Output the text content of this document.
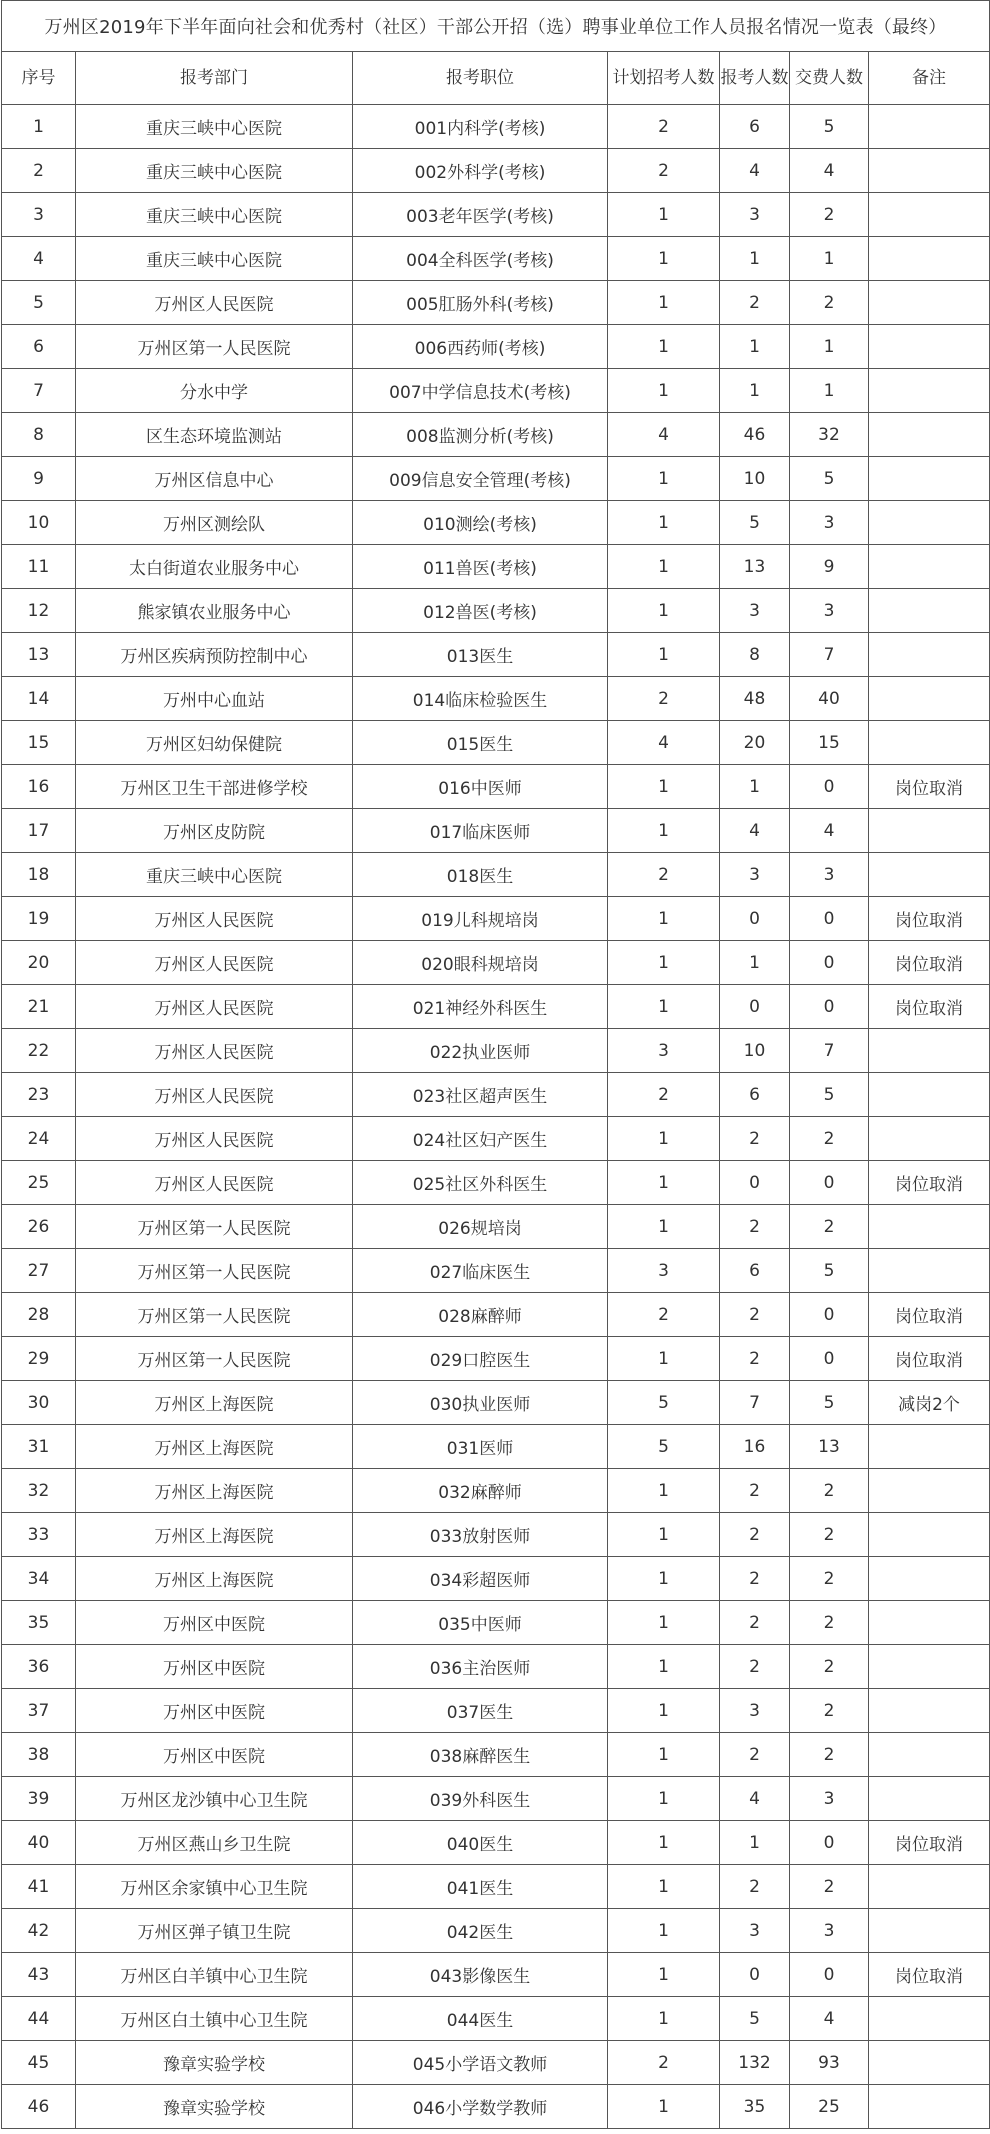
万州区2019年下半年面向社会和优秀村（社区）干部公开招（选）聘事业单位工作人员报名情况一览表（最终）						
序号	报考部门	报考职位	计划招考人数	报考人数	交费人数	备注
1	重庆三峡中心医院	001内科学(考核)	2	6	5	
2	重庆三峡中心医院	002外科学(考核)	2	4	4	
3	重庆三峡中心医院	003老年医学(考核)	1	3	2	
4	重庆三峡中心医院	004全科医学(考核)	1	1	1	
5	万州区人民医院	005肛肠外科(考核)	1	2	2	
6	万州区第一人民医院	006西药师(考核)	1	1	1	
7	分水中学	007中学信息技术(考核)	1	1	1	
8	区生态环境监测站	008监测分析(考核)	4	46	32	
9	万州区信息中心	009信息安全管理(考核)	1	10	5	
10	万州区测绘队	010测绘(考核)	1	5	3	
11	太白街道农业服务中心	011兽医(考核)	1	13	9	
12	熊家镇农业服务中心	012兽医(考核)	1	3	3	
13	万州区疾病预防控制中心	013医生	1	8	7	
14	万州中心血站	014临床检验医生	2	48	40	
15	万州区妇幼保健院	015医生	4	20	15	
16	万州区卫生干部进修学校	016中医师	1	1	0	岗位取消
17	万州区皮防院	017临床医师	1	4	4	
18	重庆三峡中心医院	018医生	2	3	3	
19	万州区人民医院	019儿科规培岗	1	0	0	岗位取消
20	万州区人民医院	020眼科规培岗	1	1	0	岗位取消
21	万州区人民医院	021神经外科医生	1	0	0	岗位取消
22	万州区人民医院	022执业医师	3	10	7	
23	万州区人民医院	023社区超声医生	2	6	5	
24	万州区人民医院	024社区妇产医生	1	2	2	
25	万州区人民医院	025社区外科医生	1	0	0	岗位取消
26	万州区第一人民医院	026规培岗	1	2	2	
27	万州区第一人民医院	027临床医生	3	6	5	
28	万州区第一人民医院	028麻醉师	2	2	0	岗位取消
29	万州区第一人民医院	029口腔医生	1	2	0	岗位取消
30	万州区上海医院	030执业医师	5	7	5	减岗2个
31	万州区上海医院	031医师	5	16	13	
32	万州区上海医院	032麻醉师	1	2	2	
33	万州区上海医院	033放射医师	1	2	2	
34	万州区上海医院	034彩超医师	1	2	2	
35	万州区中医院	035中医师	1	2	2	
36	万州区中医院	036主治医师	1	2	2	
37	万州区中医院	037医生	1	3	2	
38	万州区中医院	038麻醉医生	1	2	2	
39	万州区龙沙镇中心卫生院	039外科医生	1	4	3	
40	万州区燕山乡卫生院	040医生	1	1	0	岗位取消
41	万州区余家镇中心卫生院	041医生	1	2	2	
42	万州区弹子镇卫生院	042医生	1	3	3	
43	万州区白羊镇中心卫生院	043影像医生	1	0	0	岗位取消
44	万州区白土镇中心卫生院	044医生	1	5	4	
45	豫章实验学校	045小学语文教师	2	132	93	
46	豫章实验学校	046小学数学教师	1	35	25	
